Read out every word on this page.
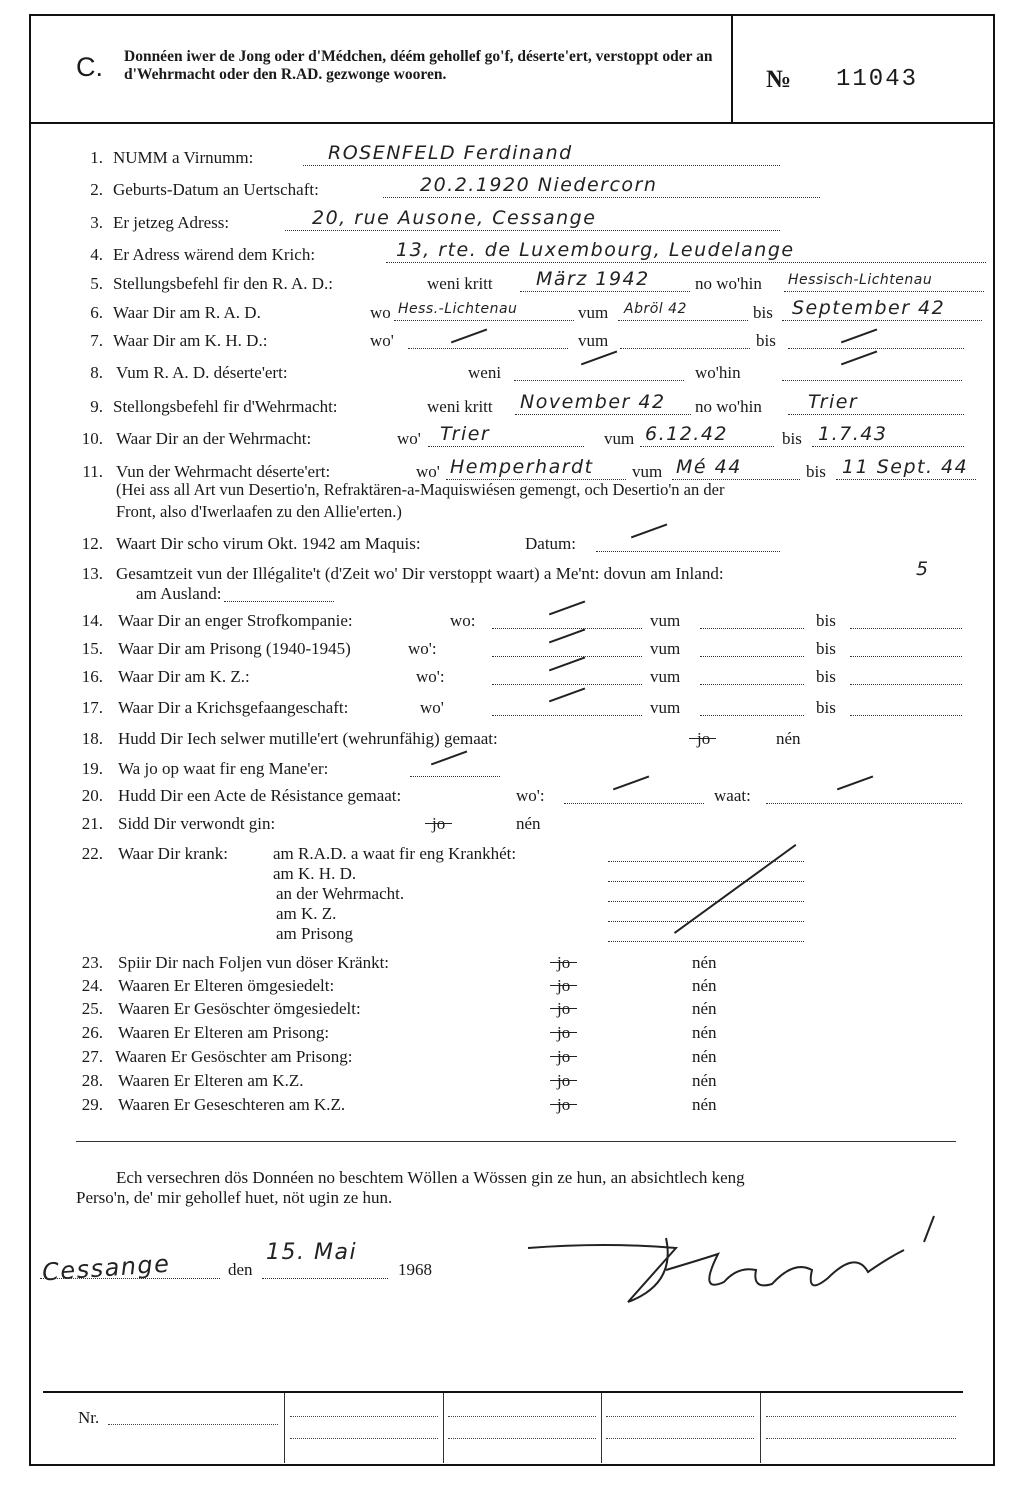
C. Donnéen iwer de Jong oder d'Médchen, déém gehollef go'f, déserte'ert, verstoppt oder an d'Wehrmacht oder den R.AD. gezwonge wooren.	№ 11043
1. NUMM a Virnumm:	ROSENFELD Ferdinand
2. Geburts-Datum an Uertschaft:	20.2.1920 Niedercorn
3. Er jetzeg Adress:	20, rue Ausone, Cessange
4. Er Adress wärend dem Krich:	13, rte. de Luxembourg, Leudelange
5. Stellungsbefehl fir den R. A. D.:	weni kritt März 1942	no wo'hin Hessisch-Lichtenau
6. Waar Dir am R. A. D.	wo Hess.-Lichtenau	vum Abröl 42	bis September 42
7. Waar Dir am K. H. D.:	wo'	vum	bis
8. Vum R. A. D. déserte'ert:	weni	wo'hin
9. Stellongsbefehl fir d'Wehrmacht:	weni kritt November 42 no wo'hin Trier
10. Waar Dir an der Wehrmacht:	wo' Trier	vum 6.12.42	bis 1.7.43
11. Vun der Wehrmacht déserte'ert:	wo' Hemperhardt vum Mé 44	bis 11 Sept. 44
(Hei ass all Art vun Desertio'n, Refraktären-a-Maquiswiésen gemengt, och Desertio'n an der
Front, also d'Iwerlaafen zu den Allie'erten.)
12. Waart Dir scho virum Okt. 1942 am Maquis:	Datum:
13. Gesamtzeit vun der Illégalite't (d'Zeit wo' Dir verstoppt waart) a Me'nt: dovun am Inland:	5
am Ausland:
14. Waar Dir an enger Strofkompanie:	wo:	vum	bis
15. Waar Dir am Prisong (1940-1945)	wo':	vum	bis
16. Waar Dir am K. Z.:	wo':	vum	bis
17. Waar Dir a Krichsgefaangeschaft:	wo'	vum	bis
18. Hudd Dir Iech selwer mutille'ert (wehrunfähig) gemaat:	jo	nén
19. Wa jo op waat fir eng Mane'er:
20. Hudd Dir een Acte de Résistance gemaat:	wo':	waat:
21. Sidd Dir verwondt gin:	jo	nén
22. Waar Dir krank:	am R.A.D. a waat fir eng Krankhét:
am K. H. D.
an der Wehrmacht.
am K. Z.
am Prisong
23. Spiir Dir nach Foljen vun döser Kränkt:	jo	nén
24. Waaren Er Elteren ömgesiedelt:	jo	nén
25. Waaren Er Gesöschter ömgesiedelt:	jo	nén
26. Waaren Er Elteren am Prisong:	jo	nén
27. Waaren Er Gesöschter am Prisong:	jo	nén
28. Waaren Er Elteren am K.Z.	jo	nén
29. Waaren Er Geseschteren am K.Z.	jo	nén
Ech versechren dös Donnéen no beschtem Wöllen a Wössen gin ze hun, an absichtlech keng
Perso'n, de' mir gehollef huet, nöt ugin ze hun.
Cessange	den
15. Mai
1968
Nr.
